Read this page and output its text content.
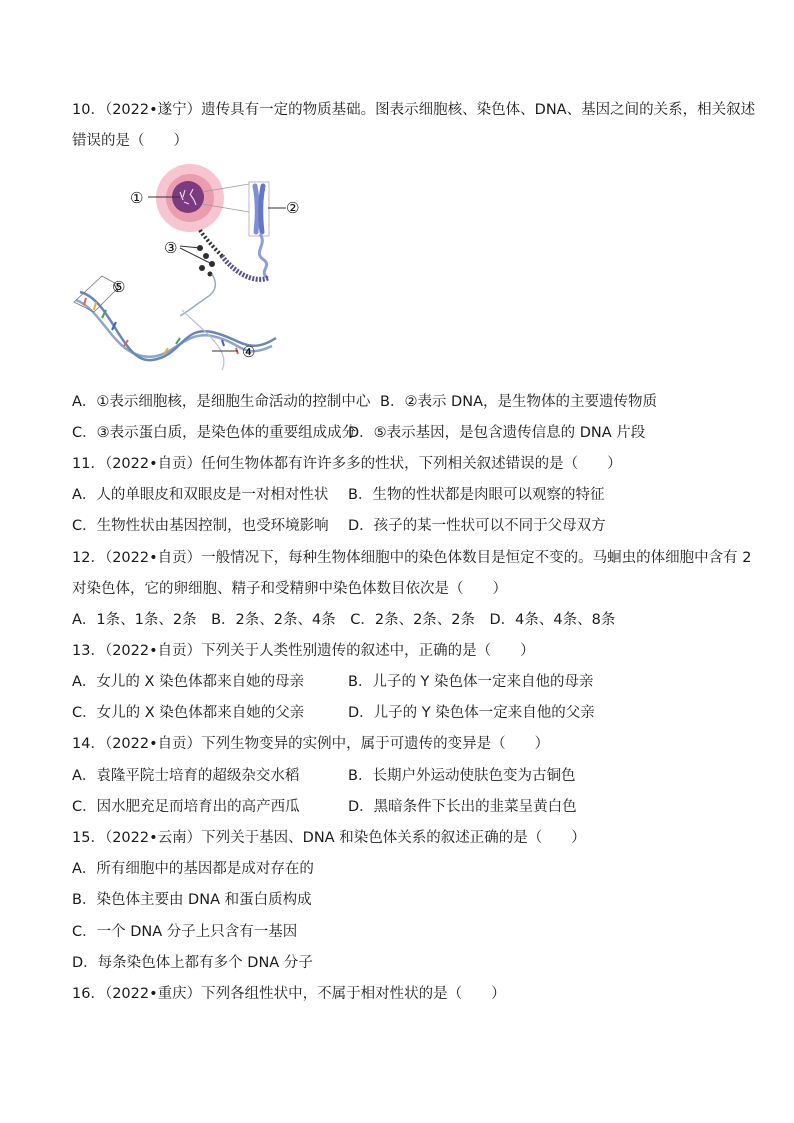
10．（2022•遂宁）遗传具有一定的物质基础。图表示细胞核、染色体、DNA、基因之间的关系，相关叙述
错误的是（　　）
①
②
③
④
⑤
A．①表示细胞核，是细胞生命活动的控制中心 B．②表示 DNA，是生物体的主要遗传物质
C．③表示蛋白质，是染色体的重要组成成分
D．⑤表示基因，是包含遗传信息的 DNA 片段
11．（2022•自贡）任何生物体都有许许多多的性状，下列相关叙述错误的是（　　）
A．人的单眼皮和双眼皮是一对相对性状 B．生物的性状都是肉眼可以观察的特征
C．生物性状由基因控制，也受环境影响 D．孩子的某一性状可以不同于父母双方
12．（2022•自贡）一般情况下，每种生物体细胞中的染色体数目是恒定不变的。马蛔虫的体细胞中含有 2
对染色体，它的卵细胞、精子和受精卵中染色体数目依次是（　　）
A．1条、1条、2条　B．2条、2条、4条　C．2条、2条、2条　D．4条、4条、8条
13．（2022•自贡）下列关于人类性别遗传的叙述中，正确的是（　　）
A．女儿的 X 染色体都来自她的母亲	B．儿子的 Y 染色体一定来自他的母亲
C．女儿的 X 染色体都来自她的父亲	D．儿子的 Y 染色体一定来自他的父亲
14．（2022•自贡）下列生物变异的实例中，属于可遗传的变异是（　　）
A．袁隆平院士培育的超级杂交水稻	B．长期户外运动使肤色变为古铜色
C．因水肥充足而培育出的高产西瓜	D．黑暗条件下长出的韭菜呈黄白色
15．（2022•云南）下列关于基因、DNA 和染色体关系的叙述正确的是（　　）
A．所有细胞中的基因都是成对存在的
B．染色体主要由 DNA 和蛋白质构成
C．一个 DNA 分子上只含有一基因
D．每条染色体上都有多个 DNA 分子
16．（2022•重庆）下列各组性状中，不属于相对性状的是（　　）
